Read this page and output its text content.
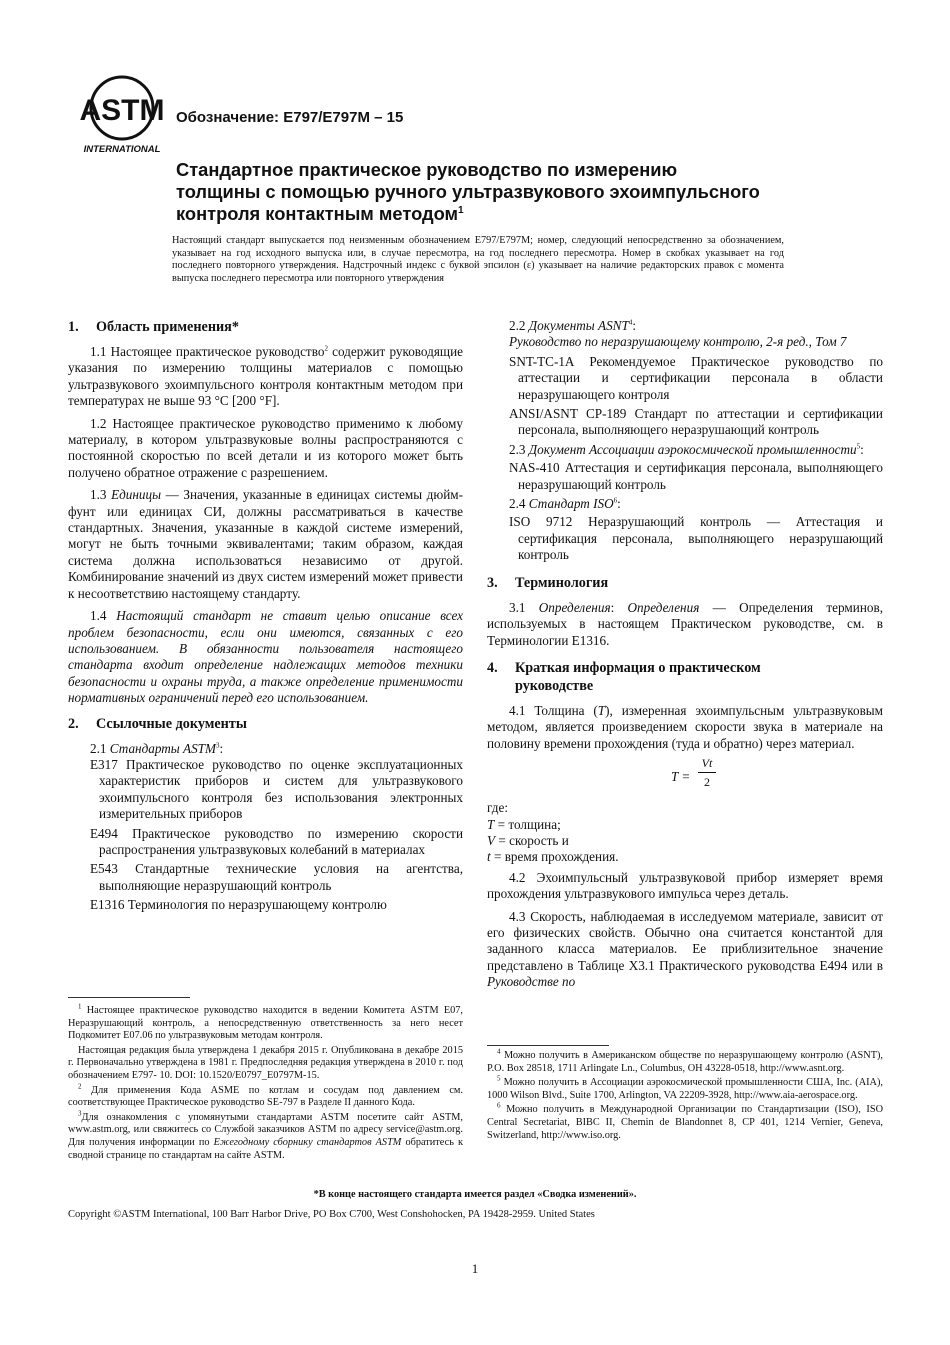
ASTM
INTERNATIONAL
Обозначение: E797/E797M – 15
Стандартное практическое руководство по измерению
толщины с помощью ручного ультразвукового эхоимпульсного
контроля контактным методом$^1$
Настоящий стандарт выпускается под неизменным обозначением E797/E797M; номер, следующий непосредственно за обозначением, указывает на год исходного выпуска или, в случае пересмотра, на год последнего пересмотра. Номер в скобках указывает на год последнего повторного утверждения. Надстрочный индекс с буквой эпсилон (ε) указывает на наличие редакторских правок с момента выпуска последнего пересмотра или повторного утверждения
1. Область применения*

1.1 Настоящее практическое руководство$^2$ содержит руководящие указания по измерению толщины материалов с помощью ультразвукового эхоимпульсного контроля контактным методом при температурах не выше 93 °C [200 °F].

1.2 Настоящее практическое руководство применимо к любому материалу, в котором ультразвуковые волны распространяются с постоянной скоростью по всей детали и из которого может быть получено обратное отражение с разрешением.

1.3 Единицы — Значения, указанные в единицах системы дюйм-фунт или единицах СИ, должны рассматриваться в качестве стандартных. Значения, указанные в каждой системе измерений, могут не быть точными эквивалентами; таким образом, каждая система должна использоваться независимо от другой. Комбинирование значений из двух систем измерений может привести к несоответствию настоящему стандарту.

1.4 Настоящий стандарт не ставит целью описание всех проблем безопасности, если они имеются, связанных с его использованием. В обязанности пользователя настоящего стандарта входит определение надлежащих методов техники безопасности и охраны труда, а также определение применимости нормативных ограничений перед его использованием.

2. Ссылочные документы

2.1 Стандарты ASTM$^3$:

E317 Практическое руководство по оценке эксплуатационных характеристик приборов и систем для ультразвукового эхоимпульсного контроля без использования электронных измерительных приборов

E494 Практическое руководство по измерению скорости распространения ультразвуковых колебаний в материалах

E543 Стандартные технические условия на агентства, выполняющие неразрушающий контроль

E1316 Терминология по неразрушающему контролю

$^1$ Настоящее практическое руководство находится в ведении Комитета ASTM E07, Неразрушающий контроль, а непосредственную ответственность за него несет Подкомитет E07.06 по ультразвуковым методам контроля.

Настоящая редакция была утверждена 1 декабря 2015 г. Опубликована в декабре 2015 г. Первоначально утверждена в 1981 г. Предпоследняя редакция утверждена в 2010 г. под обозначением E797- 10. DOI: 10.1520/E0797_E0797M-15.

$^2$ Для применения Кода ASME по котлам и сосудам под давлением см. соответствующее Практическое руководство SE-797 в Разделе II данного Кода.

$^3$Для ознакомления с упомянутыми стандартами ASTM посетите сайт ASTM, www.astm.org, или свяжитесь со Службой заказчиков ASTM по адресу service@astm.org. Для получения информации по Ежегодному сборнику стандартов ASTM обратитесь к сводной странице по стандартам на сайте ASTM.

2.2 Документы ASNT$^4$:

Руководство по неразрушающему контролю, 2-я ред., Том 7

SNT-TC-1A Рекомендуемое Практическое руководство по аттестации и сертификации персонала в области неразрушающего контроля

ANSI/ASNT CP-189 Стандарт по аттестации и сертификации персонала, выполняющего неразрушающий контроль

2.3 Документ Ассоциации аэрокосмической промышленности$^5$:

NAS-410 Аттестация и сертификация персонала, выполняющего неразрушающий контроль

2.4 Стандарт ISO$^6$:

ISO 9712 Неразрушающий контроль — Аттестация и сертификация персонала, выполняющего неразрушающий контроль

3. Терминология

3.1 Определения: Определения — Определения терминов, используемых в настоящем Практическом руководстве, см. в Терминологии E1316.

4. Краткая информация о практическом
руководстве

4.1 Толщина (T), измеренная эхоимпульсным ультразвуковым методом, является произведением скорости звука в материале на половину времени прохождения (туда и обратно) через материал.

T =
Vt
2

где:

T = толщина;

V = скорость и

t = время прохождения.

4.2 Эхоимпульсный ультразвуковой прибор измеряет время прохождения ультразвукового импульса через деталь.

4.3 Скорость, наблюдаемая в исследуемом материале, зависит от его физических свойств. Обычно она считается константой для заданного класса материалов. Ее приблизительное значение представлено в Таблице X3.1 Практического руководства E494 или в Руководстве по

$^4$ Можно получить в Американском обществе по неразрушающему контролю (ASNT), P.O. Box 28518, 1711 Arlingate Ln., Columbus, OH 43228-0518, http://www.asnt.org.

$^5$ Можно получить в Ассоциации аэрокосмической промышленности США, Inc. (AIA), 1000 Wilson Blvd., Suite 1700, Arlington, VA 22209-3928, http://www.aia-aerospace.org.

$^6$ Можно получить в Международной Организации по Стандартизации (ISO), ISO Central Secretariat, BIBC II, Chemin de Blandonnet 8, CP 401, 1214 Vernier, Geneva, Switzerland, http://www.iso.org.

*В конце настоящего стандарта имеется раздел «Сводка изменений».
Copyright ©ASTM International, 100 Barr Harbor Drive, PO Box C700, West Conshohocken, PA 19428-2959. United States
1
